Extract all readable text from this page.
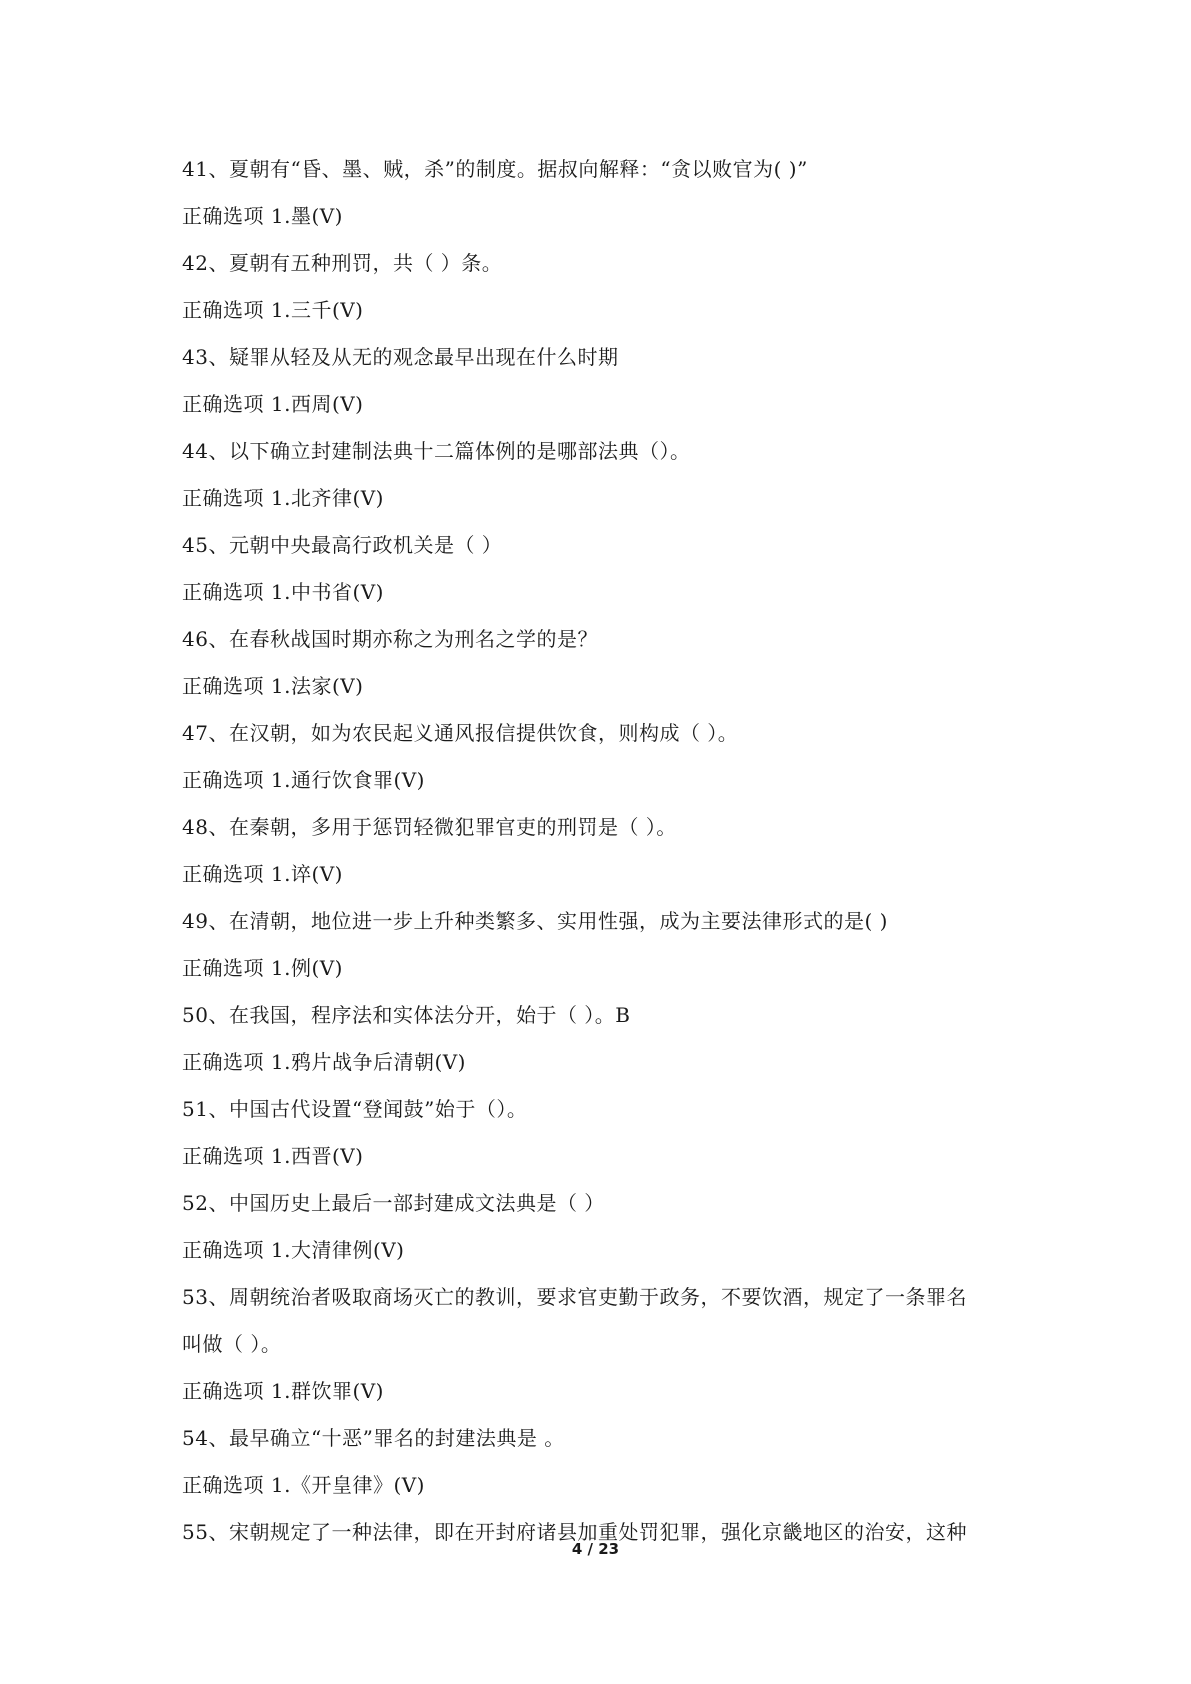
41、夏朝有“昏、墨、贼，杀”的制度。据叔向解释：“贪以败官为( )”
正确选项 1.墨(V)
42、夏朝有五种刑罚，共（ ）条。
正确选项 1.三千(V)
43、疑罪从轻及从无的观念最早出现在什么时期
正确选项 1.西周(V)
44、以下确立封建制法典十二篇体例的是哪部法典（）。
正确选项 1.北齐律(V)
45、元朝中央最高行政机关是（ ）
正确选项 1.中书省(V)
46、在春秋战国时期亦称之为刑名之学的是？
正确选项 1.法家(V)
47、在汉朝，如为农民起义通风报信提供饮食，则构成（ ）。
正确选项 1.通行饮食罪(V)
48、在秦朝，多用于惩罚轻微犯罪官吏的刑罚是（ ）。
正确选项 1.谇(V)
49、在清朝，地位进一步上升种类繁多、实用性强，成为主要法律形式的是( )
正确选项 1.例(V)
50、在我国，程序法和实体法分开，始于（ ）。B
正确选项 1.鸦片战争后清朝(V)
51、中国古代设置“登闻鼓”始于（）。
正确选项 1.西晋(V)
52、中国历史上最后一部封建成文法典是（ ）
正确选项 1.大清律例(V)
53、周朝统治者吸取商场灭亡的教训，要求官吏勤于政务，不要饮酒，规定了一条罪名
叫做（ ）。
正确选项 1.群饮罪(V)
54、最早确立“十恶”罪名的封建法典是 。
正确选项 1.《开皇律》(V)
55、宋朝规定了一种法律，即在开封府诸县加重处罚犯罪，强化京畿地区的治安，这种
4 / 23
